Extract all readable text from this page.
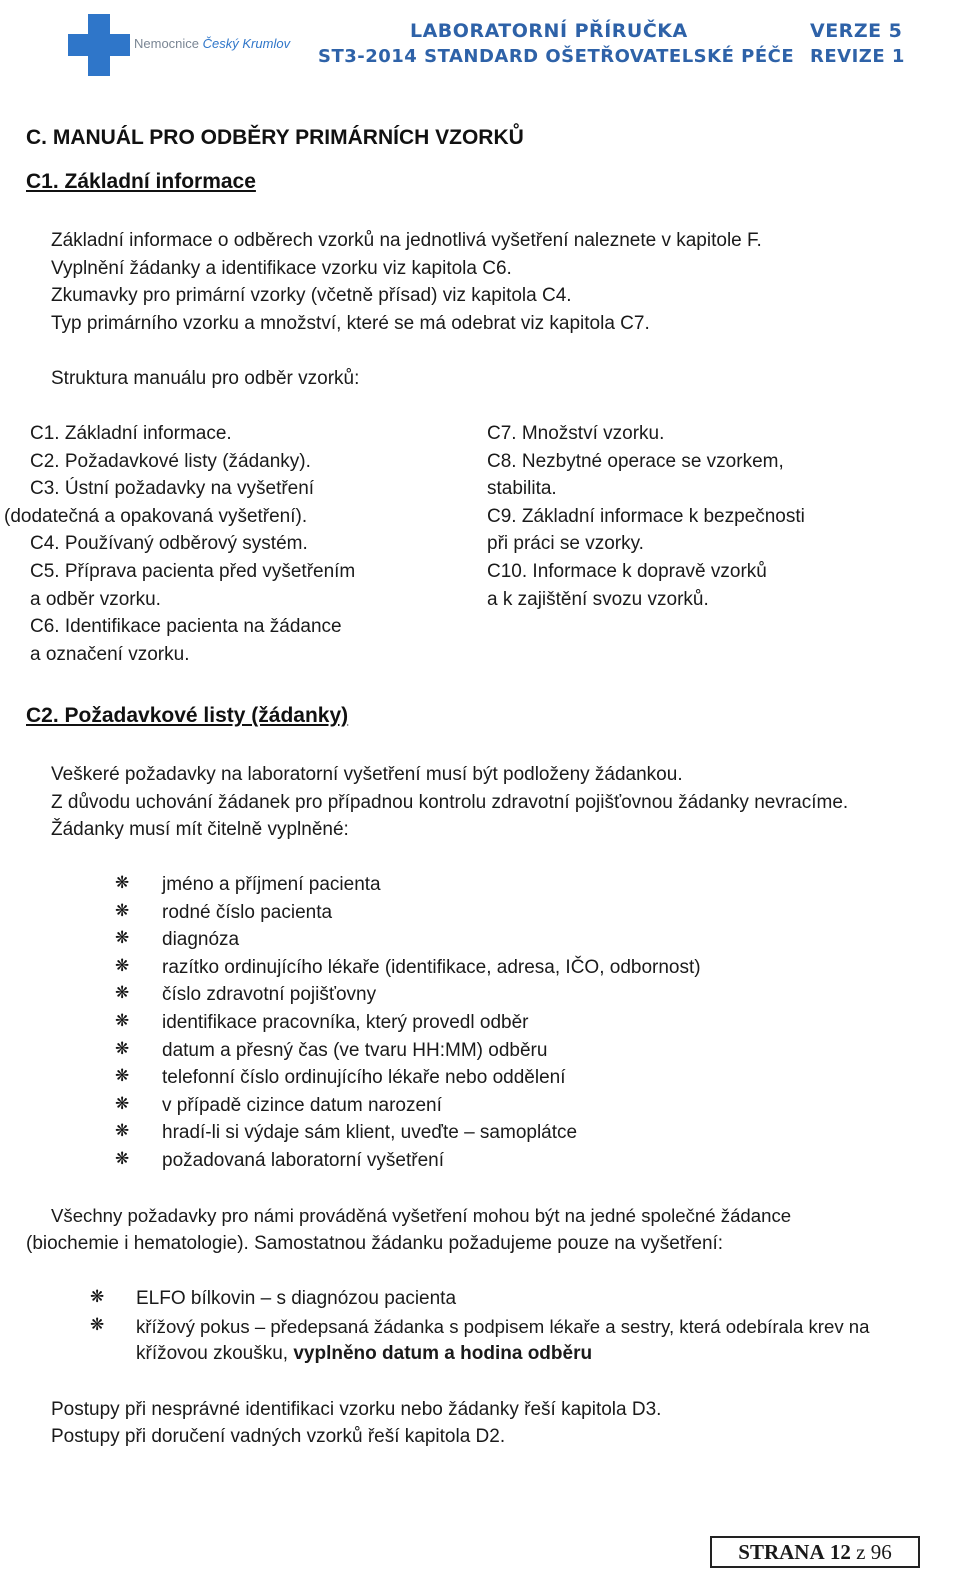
Nemocnice Český Krumlov
LABORATORNÍ PŘÍRUČKA
ST3-2014 STANDARD OŠETŘOVATELSKÉ PÉČE
VERZE 5
REVIZE 1
C. MANUÁL PRO ODBĚRY PRIMÁRNÍCH VZORKŮ
C1. Základní informace
Základní informace o odběrech vzorků na jednotlivá vyšetření naleznete v kapitole F.
Vyplnění žádanky a identifikace vzorku viz kapitola C6.
Zkumavky pro primární vzorky (včetně přísad) viz kapitola C4.
Typ primárního vzorku a množství, které se má odebrat viz kapitola C7.
Struktura manuálu pro odběr vzorků:
C1. Základní informace.
C2. Požadavkové listy (žádanky).
C3. Ústní požadavky na vyšetření
(dodatečná a opakovaná vyšetření).
C4. Používaný odběrový systém.
C5. Příprava pacienta před vyšetřením
a odběr vzorku.
C6. Identifikace pacienta na žádance
a označení vzorku.
C7. Množství vzorku.
C8. Nezbytné operace se vzorkem,
stabilita.
C9. Základní informace k bezpečnosti
při práci se vzorky.
C10. Informace k dopravě vzorků
a k zajištění svozu vzorků.
C2. Požadavkové listy (žádanky)
Veškeré požadavky na laboratorní vyšetření musí být podloženy žádankou.
Z důvodu uchování žádanek pro případnou kontrolu zdravotní pojišťovnou žádanky nevracíme.
Žádanky musí mít čitelně vyplněné:
❋ jméno a příjmení pacienta
❋ rodné číslo pacienta
❋ diagnóza
❋ razítko ordinujícího lékaře (identifikace, adresa, IČO, odbornost)
❋ číslo zdravotní pojišťovny
❋ identifikace pracovníka, který provedl odběr
❋ datum a přesný čas (ve tvaru HH:MM) odběru
❋ telefonní číslo ordinujícího lékaře nebo oddělení
❋ v případě cizince datum narození
❋ hradí-li si výdaje sám klient, uveďte – samoplátce
❋ požadovaná laboratorní vyšetření
Všechny požadavky pro námi prováděná vyšetření mohou být na jedné společné žádance
(biochemie i hematologie). Samostatnou žádanku požadujeme pouze na vyšetření:
❋ ELFO bílkovin – s diagnózou pacienta
❋ křížový pokus – předepsaná žádanka s podpisem lékaře a sestry, která odebírala krev na
křížovou zkoušku, vyplněno datum a hodina odběru
Postupy při nesprávné identifikaci vzorku nebo žádanky řeší kapitola D3.
Postupy při doručení vadných vzorků řeší kapitola D2.
STRANA 12 z 96
